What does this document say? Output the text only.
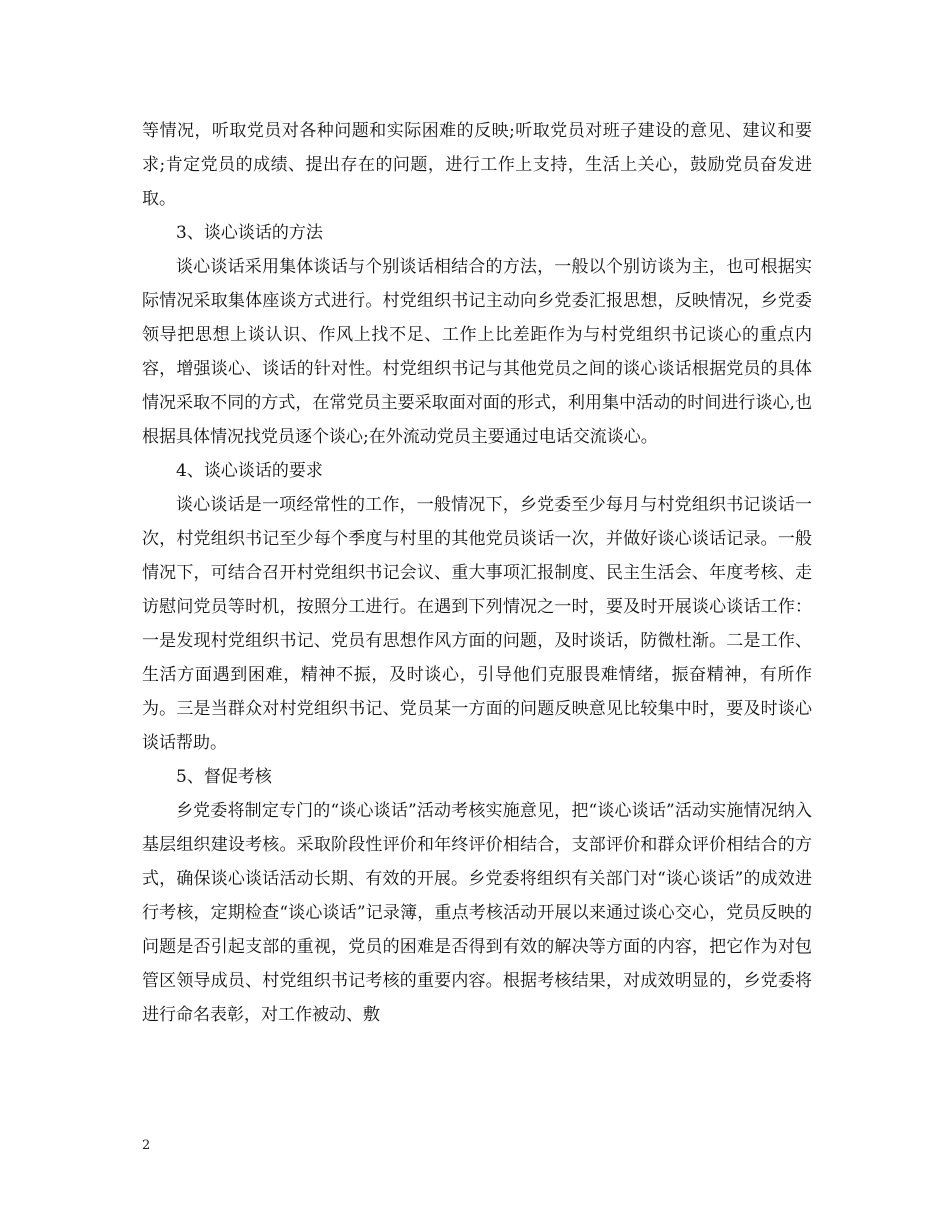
等情况，听取党员对各种问题和实际困难的反映;听取党员对班子建设的意见、建议和要求;肯定党员的成绩、提出存在的问题，进行工作上支持，生活上关心，鼓励党员奋发进取。

3、谈心谈话的方法

谈心谈话采用集体谈话与个别谈话相结合的方法，一般以个别访谈为主，也可根据实际情况采取集体座谈方式进行。村党组织书记主动向乡党委汇报思想，反映情况，乡党委领导把思想上谈认识、作风上找不足、工作上比差距作为与村党组织书记谈心的重点内容，增强谈心、谈话的针对性。村党组织书记与其他党员之间的谈心谈话根据党员的具体情况采取不同的方式，在常党员主要采取面对面的形式，利用集中活动的时间进行谈心,也根据具体情况找党员逐个谈心;在外流动党员主要通过电话交流谈心。

4、谈心谈话的要求

谈心谈话是一项经常性的工作，一般情况下，乡党委至少每月与村党组织书记谈话一次，村党组织书记至少每个季度与村里的其他党员谈话一次，并做好谈心谈话记录。一般情况下，可结合召开村党组织书记会议、重大事项汇报制度、民主生活会、年度考核、走访慰问党员等时机，按照分工进行。在遇到下列情况之一时，要及时开展谈心谈话工作：一是发现村党组织书记、党员有思想作风方面的问题，及时谈话，防微杜渐。二是工作、生活方面遇到困难，精神不振，及时谈心，引导他们克服畏难情绪，振奋精神，有所作为。三是当群众对村党组织书记、党员某一方面的问题反映意见比较集中时，要及时谈心谈话帮助。

5、督促考核

乡党委将制定专门的“谈心谈话”活动考核实施意见，把“谈心谈话”活动实施情况纳入基层组织建设考核。采取阶段性评价和年终评价相结合，支部评价和群众评价相结合的方式，确保谈心谈话活动长期、有效的开展。乡党委将组织有关部门对“谈心谈话”的成效进行考核，定期检查“谈心谈话”记录簿，重点考核活动开展以来通过谈心交心，党员反映的问题是否引起支部的重视，党员的困难是否得到有效的解决等方面的内容，把它作为对包管区领导成员、村党组织书记考核的重要内容。根据考核结果，对成效明显的，乡党委将进行命名表彰，对工作被动、敷

2
